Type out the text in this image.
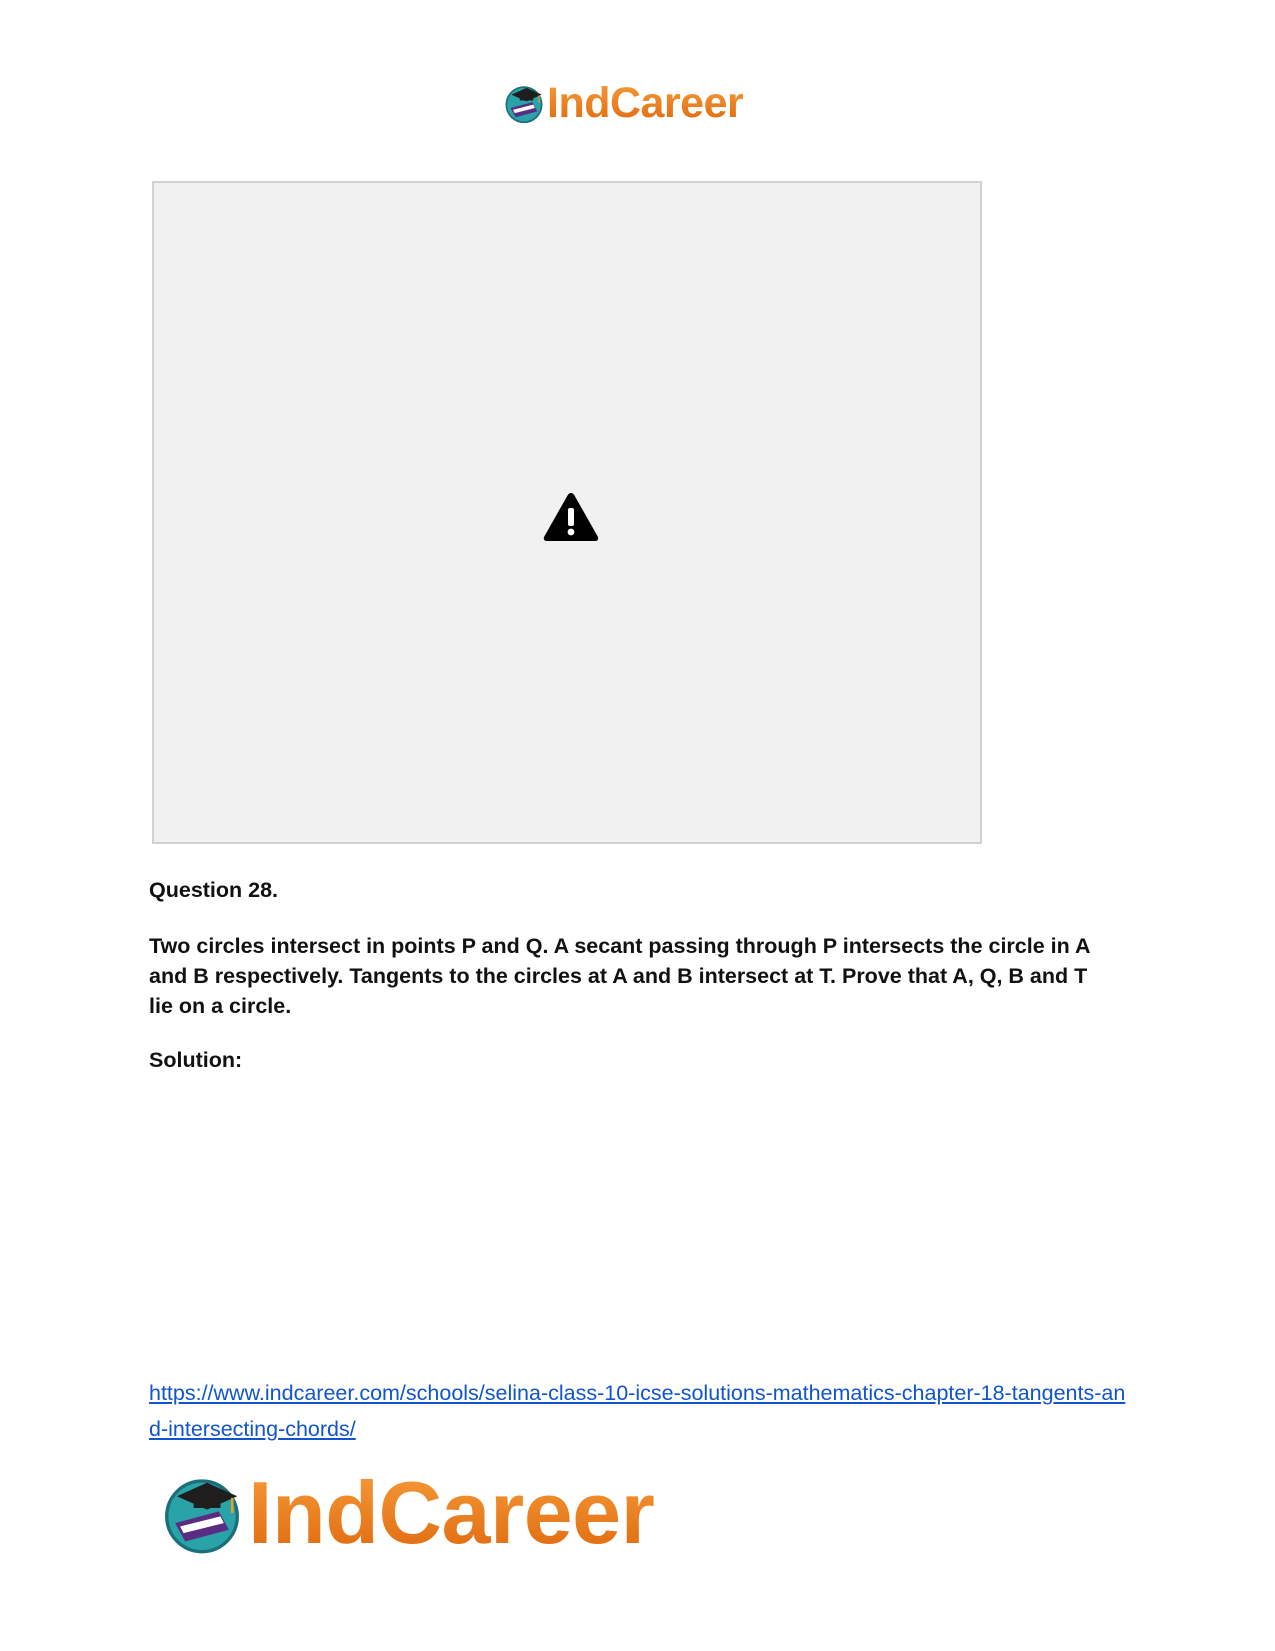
IndCareer
Question 28.

Two circles intersect in points P and Q. A secant passing through P intersects the circle in A and B respectively. Tangents to the circles at A and B intersect at T. Prove that A, Q, B and T lie on a circle.

Solution:
https://www.indcareer.com/schools/selina-class-10-icse-solutions-mathematics-chapter-18-tangents-and-intersecting-chords/
IndCareer
